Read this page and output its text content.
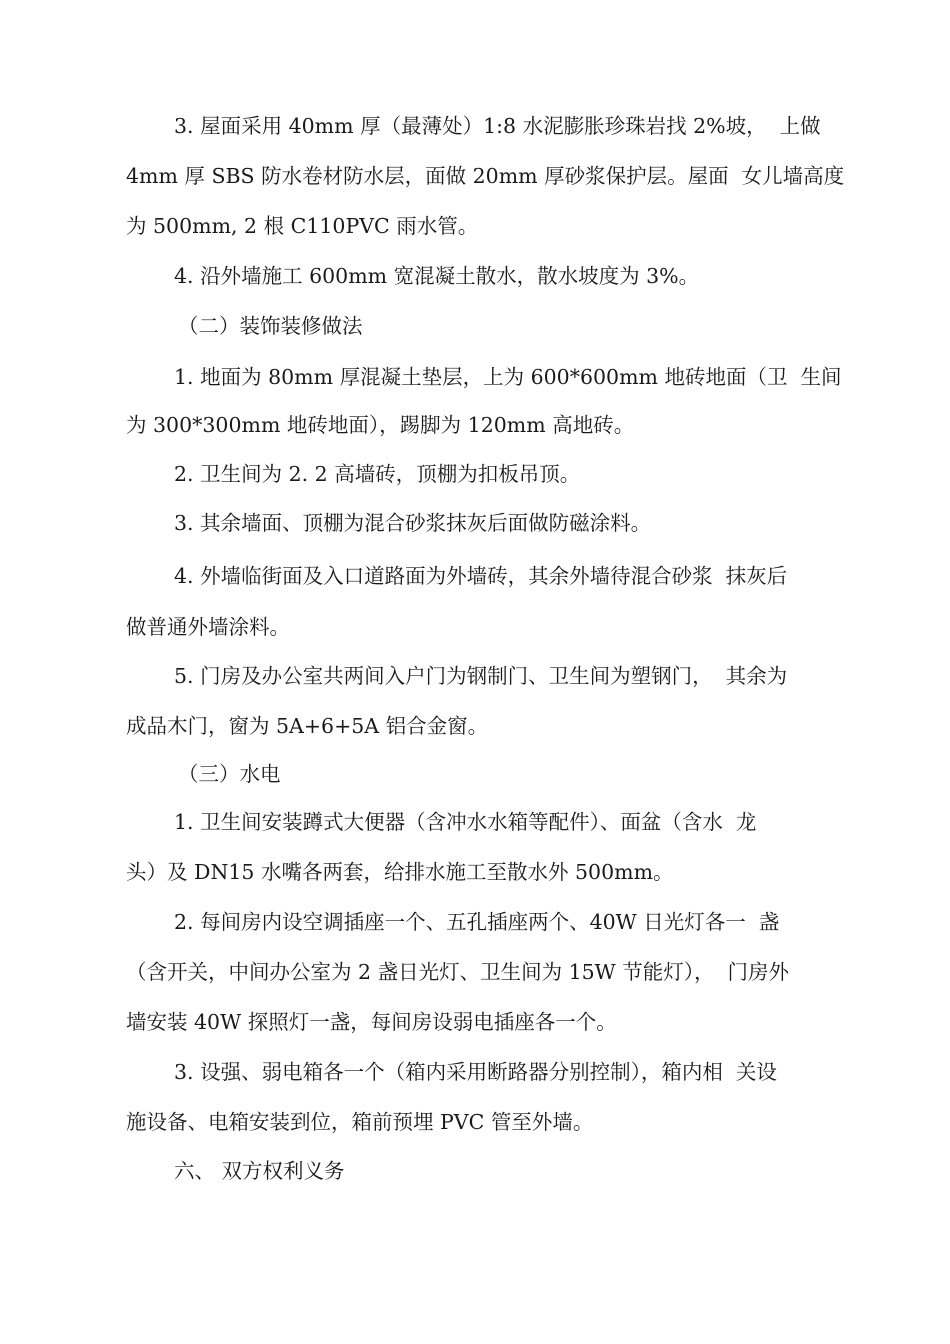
3. 屋面采用 40mm 厚（最薄处）1:8 水泥膨胀珍珠岩找 2%坡，  上做
4mm 厚 SBS 防水卷材防水层，面做 20mm 厚砂浆保护层。屋面  女儿墙高度
为 500mm, 2 根 C110PVC 雨水管。
4. 沿外墙施工 600mm 宽混凝土散水，散水坡度为 3%。
（二）装饰装修做法
1. 地面为 80mm 厚混凝土垫层，上为 600*600mm 地砖地面（卫  生间
为 300*300mm 地砖地面），踢脚为 120mm 高地砖。
2. 卫生间为 2. 2 高墙砖，顶棚为扣板吊顶。
3. 其余墙面、顶棚为混合砂浆抹灰后面做防磁涂料。
4. 外墙临街面及入口道路面为外墙砖，其余外墙待混合砂浆  抹灰后
做普通外墙涂料。
5. 门房及办公室共两间入户门为钢制门、卫生间为塑钢门，  其余为
成品木门，窗为 5A+6+5A 铝合金窗。
（三）水电
1. 卫生间安装蹲式大便器（含冲水水箱等配件）、面盆（含水  龙
头）及 DN15 水嘴各两套，给排水施工至散水外 500mm。
2. 每间房内设空调插座一个、五孔插座两个、40W 日光灯各一  盏
（含开关，中间办公室为 2 盏日光灯、卫生间为 15W 节能灯），  门房外
墙安装 40W 探照灯一盏，每间房设弱电插座各一个。
3. 设强、弱电箱各一个（箱内采用断路器分别控制），箱内相  关设
施设备、电箱安装到位，箱前预埋 PVC 管至外墙。
六、 双方权利义务
